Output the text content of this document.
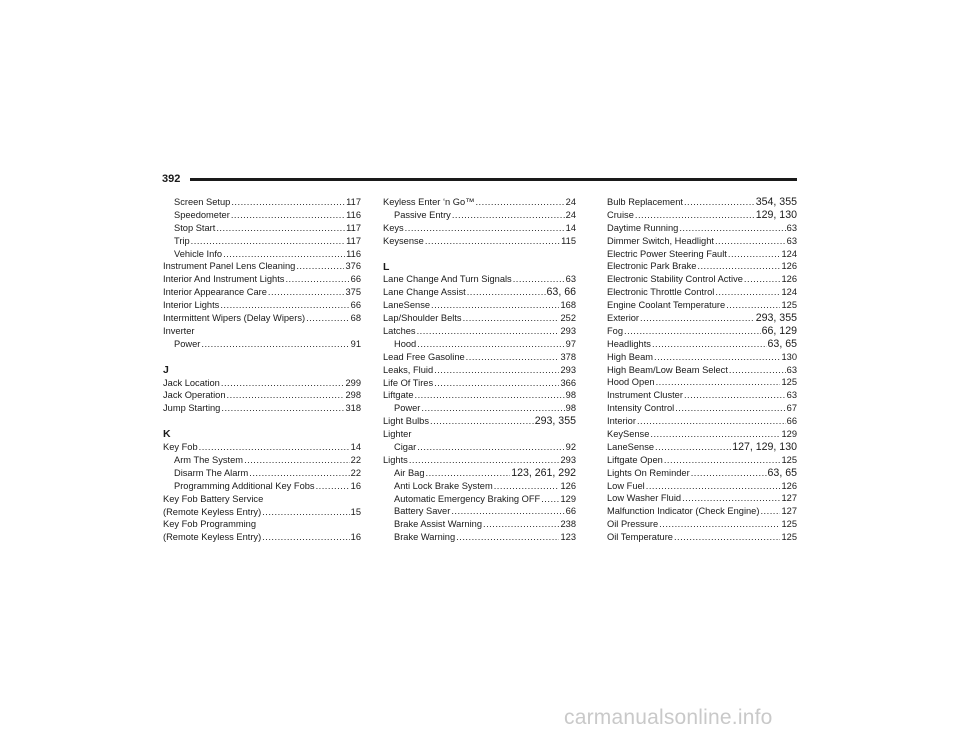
392
Screen Setup .....	117
Speedometer .....	116
Stop Start .....	117
Trip .....	117
Vehicle Info .....	116
Instrument Panel Lens Cleaning .....	376
Interior And Instrument Lights .....	66
Interior Appearance Care .....	375
Interior Lights .....	66
Intermittent Wipers (Delay Wipers) .....	68
Inverter
Power .....	91
J
Jack Location .....	299
Jack Operation .....	298
Jump Starting .....	318
K
Key Fob .....	14
Arm The System .....	22
Disarm The Alarm .....	22
Programming Additional Key Fobs .....	16
Key Fob Battery Service
(Remote Keyless Entry) .....	15
Key Fob Programming
(Remote Keyless Entry) .....	16
Keyless Enter ‘n Go™ .....	24
Passive Entry .....	24
Keys .....	14
Keysense .....	115
L
Lane Change And Turn Signals .....	63
Lane Change Assist .....	63, 66
LaneSense .....	168
Lap/Shoulder Belts .....	252
Latches .....	293
Hood .....	97
Lead Free Gasoline .....	378
Leaks, Fluid .....	293
Life Of Tires .....	366
Liftgate .....	98
Power .....	98
Light Bulbs .....	293, 355
Lighter
Cigar .....	92
Lights .....	293
Air Bag .....	123, 261, 292
Anti Lock Brake System .....	126
Automatic Emergency Braking OFF ..... 129
Battery Saver .....	66
Brake Assist Warning .....	238
Brake Warning .....	123
Bulb Replacement .....	354, 355
Cruise .....	129, 130
Daytime Running .....	63
Dimmer Switch, Headlight .....	63
Electric Power Steering Fault .....	124
Electronic Park Brake .....	126
Electronic Stability Control Active .....	126
Electronic Throttle Control .....	124
Engine Coolant Temperature .....	125
Exterior .....	293, 355
Fog .....	66, 129
Headlights .....	63, 65
High Beam .....	130
High Beam/Low Beam Select .....	63
Hood Open .....	125
Instrument Cluster .....	63
Intensity Control .....	67
Interior .....	66
KeySense .....	129
LaneSense .....	127, 129, 130
Liftgate Open .....	125
Lights On Reminder .....	63, 65
Low Fuel .....	126
Low Washer Fluid .....	127
Malfunction Indicator (Check Engine) ..... 127
Oil Pressure .....	125
Oil Temperature .....	125
carmanualsonline.info
